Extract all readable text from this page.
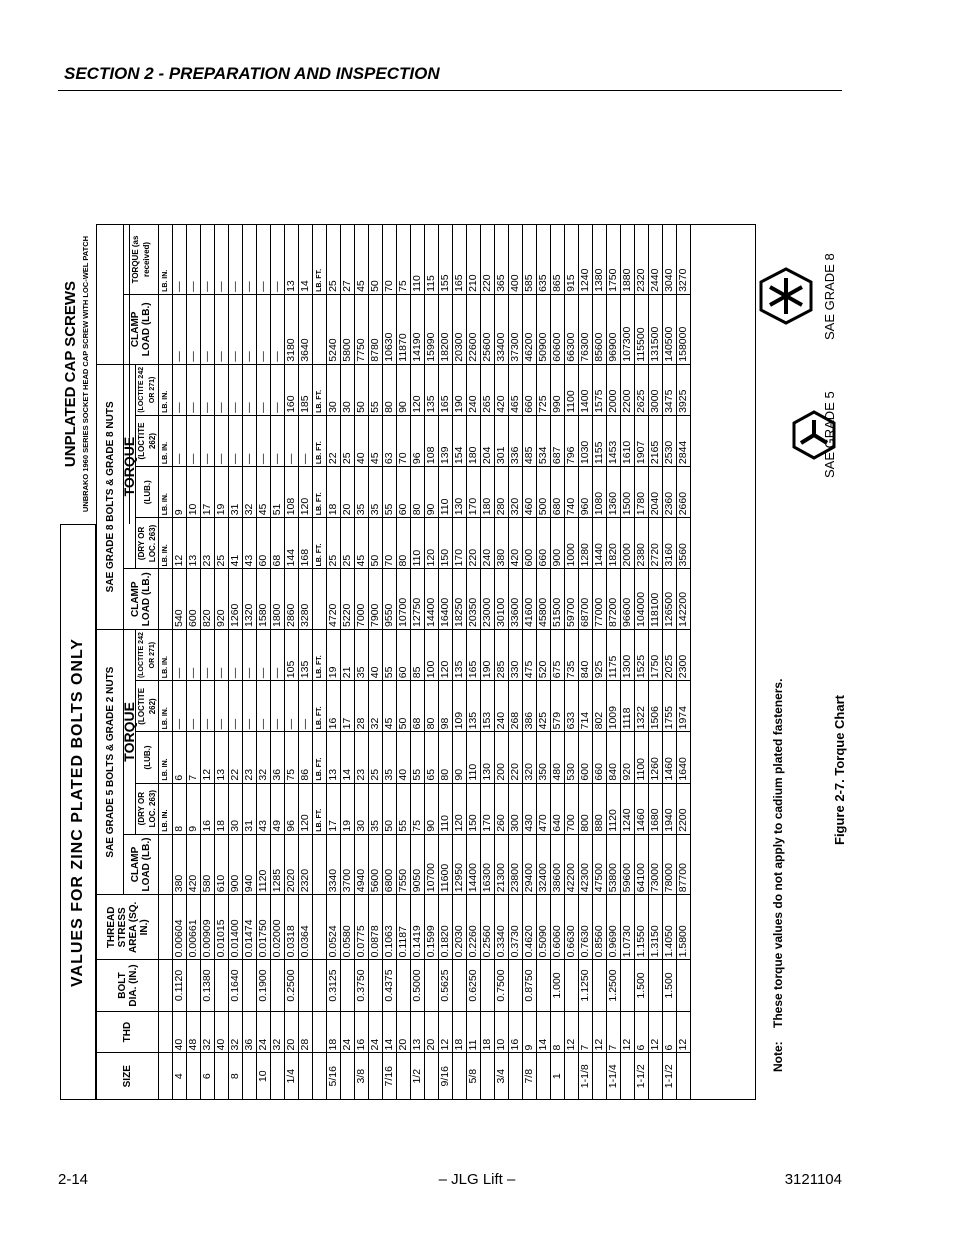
SECTION 2 - PREPARATION AND INSPECTION
VALUES FOR ZINC PLATED BOLTS ONLY
UNPLATED CAP SCREWS UNBRAKO 1960 SERIES SOCKET HEAD CAP SCREW WITH LOC-WEL PATCH
SIZE	THD	BOLT DIA. (IN.)	THREAD STRESS AREA (SQ. IN.)	SAE GRADE 5 BOLTS & GRADE 2 NUTS					SAE GRADE 8 BOLTS & GRADE 8 NUTS						
				CLAMP LOAD (LB.)	TORQUE				CLAMP LOAD (LB.)	TORQUE				CLAMP LOAD (LB.)	TORQUE (as received)
					(DRY OR LOC. 263)	(LUB.)	(LOCTITE 262)	(LOCTITE 242 OR 271)		(DRY OR LOC. 263)	(LUB.)	(LOCTITE 262)	(LOCTITE 242 OR 271)		
					LB. IN.	LB. IN.	LB. IN.	LB. IN.		LB. IN.	LB. IN.	LB. IN.	LB. IN.		LB. IN.
4	40	0.1120	0.00604	380	8	6	—	—	540	12	9	—	—	—	—
	48		0.00661	420	9	7	—	—	600	13	10	—	—	—	—
6	32	0.1380	0.00909	580	16	12	—	—	820	23	17	—	—	—	—
	40		0.01015	610	18	13	—	—	920	25	19	—	—	—	—
8	32	0.1640	0.01400	900	30	22	—	—	1260	41	31	—	—	—	—
	36		0.01474	940	31	23	—	—	1320	43	32	—	—	—	—
10	24	0.1900	0.01750	1120	43	32	—	—	1580	60	45	—	—	—	—
	32		0.02000	1285	49	36	—	—	1800	68	51	—	—	—	—
1/4	20	0.2500	0.0318	2020	96	75	—	105	2860	144	108	—	160	3180	13
	28		0.0364	2320	120	86	—	135	3280	168	120	—	185	3640	14
					LB. FT.	LB. FT.	LB. FT.	LB. FT.		LB. FT.	LB. FT.	LB. FT.	LB. FT.		LB. FT.
5/16	18	0.3125	0.0524	3340	17	13	16	19	4720	25	18	22	30	5240	25
	24		0.0580	3700	19	14	17	21	5220	25	20	25	30	5800	27
3/8	16	0.3750	0.0775	4940	30	23	28	35	7000	45	35	40	50	7750	45
	24		0.0878	5600	35	25	32	40	7900	50	35	45	55	8780	50
7/16	14	0.4375	0.1063	6800	50	35	45	55	9550	70	55	63	80	10630	70
	20		0.1187	7550	55	40	50	60	10700	80	60	70	90	11870	75
1/2	13	0.5000	0.1419	9050	75	55	68	85	12750	110	80	96	120	14190	110
	20		0.1599	10700	90	65	80	100	14400	120	90	108	135	15990	115
9/16	12	0.5625	0.1820	11600	110	80	98	120	16400	150	110	139	165	18200	155
	18		0.2030	12950	120	90	109	135	18250	170	130	154	190	20300	165
5/8	11	0.6250	0.2260	14400	150	110	135	165	20350	220	170	180	240	22600	210
	18		0.2560	16300	170	130	153	190	23000	240	180	204	265	25600	220
3/4	10	0.7500	0.3340	21300	260	200	240	285	30100	380	280	301	420	33400	365
	16		0.3730	23800	300	220	268	330	33600	420	320	336	465	37300	400
7/8	9	0.8750	0.4620	29400	430	320	386	475	41600	600	460	485	660	46200	585
	14		0.5090	32400	470	350	425	520	45800	660	500	534	725	50900	635
1	8	1.000	0.6060	38600	640	480	579	675	51500	900	680	687	990	60600	865
	12		0.6630	42200	700	530	633	735	59700	1000	740	796	1100	66300	915
1-1/8	7	1.1250	0.7630	42300	800	600	714	840	68700	1280	960	1030	1400	76300	1240
	12		0.8560	47500	880	660	802	925	77000	1440	1080	1155	1575	85600	1380
1-1/4	7	1.2500	0.9690	53800	1120	840	1009	1175	87200	1820	1360	1453	2000	96900	1750
	12		1.0730	59600	1240	920	1118	1300	96600	2000	1500	1610	2200	107300	1880
1-1/2	6	1.500	1.1550	64100	1460	1100	1322	1525	104000	2380	1780	1907	2625	115500	2320
	12		1.3150	73000	1680	1260	1506	1750	118100	2720	2040	2165	3000	131500	2440
1-1/2	6	1.500	1.4050	78000	1940	1460	1755	2025	126500	3160	2360	2530	3475	140500	3040
	12		1.5800	87700	2200	1640	1974	2300	142200	3560	2660	2844	3925	158000	3270
Note:    These torque values do not apply to cadium plated fasteners.	Figure 2-7. Torque Chart
SAE GRADE 5
SAE GRADE 8
2-14	– JLG Lift –	3121104
